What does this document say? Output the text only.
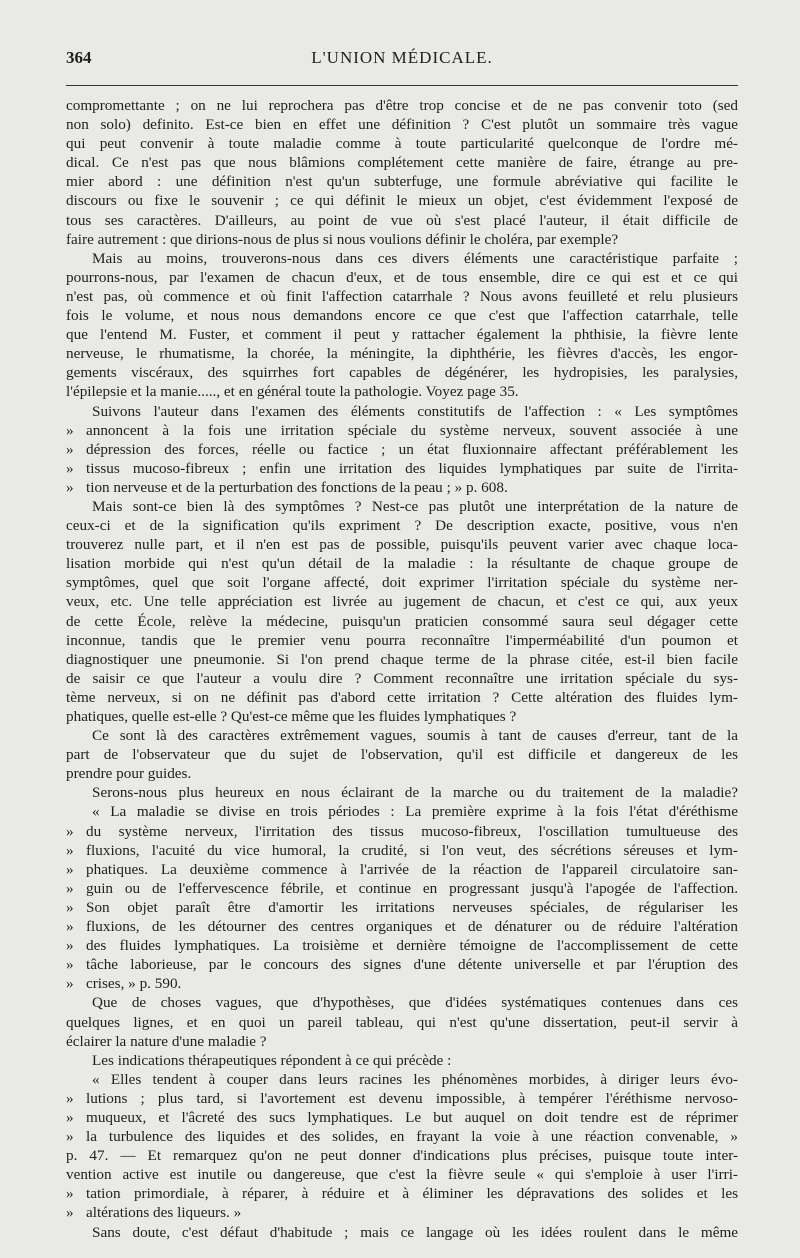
364	L'UNION MÉDICALE.
compromettante ; on ne lui reprochera pas d'être trop concise et de ne pas convenir toto (sed
non solo) definito. Est-ce bien en effet une définition ? C'est plutôt un sommaire très vague
qui peut convenir à toute maladie comme à toute particularité quelconque de l'ordre mé-
dical. Ce n'est pas que nous blâmions complétement cette manière de faire, étrange au pre-
mier abord : une définition n'est qu'un subterfuge, une formule abréviative qui facilite le
discours ou fixe le souvenir ; ce qui définit le mieux un objet, c'est évidemment l'exposé de
tous ses caractères. D'ailleurs, au point de vue où s'est placé l'auteur, il était difficile de
faire autrement : que dirions-nous de plus si nous voulions définir le choléra, par exemple?
Mais au moins, trouverons-nous dans ces divers éléments une caractéristique parfaite ;
pourrons-nous, par l'examen de chacun d'eux, et de tous ensemble, dire ce qui est et ce qui
n'est pas, où commence et où finit l'affection catarrhale ? Nous avons feuilleté et relu plusieurs
fois le volume, et nous nous demandons encore ce que c'est que l'affection catarrhale, telle
que l'entend M. Fuster, et comment il peut y rattacher également la phthisie, la fièvre lente
nerveuse, le rhumatisme, la chorée, la méningite, la diphthérie, les fièvres d'accès, les engor-
gements viscéraux, des squirrhes fort capables de dégénérer, les hydropisies, les paralysies,
l'épilepsie et la manie....., et en général toute la pathologie. Voyez page 35.
Suivons l'auteur dans l'examen des éléments constitutifs de l'affection : « Les symptômes
» annoncent à la fois une irritation spéciale du système nerveux, souvent associée à une
» dépression des forces, réelle ou factice ; un état fluxionnaire affectant préférablement les
» tissus mucoso-fibreux ; enfin une irritation des liquides lymphatiques par suite de l'irrita-
» tion nerveuse et de la perturbation des fonctions de la peau ; » p. 608.
Mais sont-ce bien là des symptômes ? Nest-ce pas plutôt une interprétation de la nature de
ceux-ci et de la signification qu'ils expriment ? De description exacte, positive, vous n'en
trouverez nulle part, et il n'en est pas de possible, puisqu'ils peuvent varier avec chaque loca-
lisation morbide qui n'est qu'un détail de la maladie : la résultante de chaque groupe de
symptômes, quel que soit l'organe affecté, doit exprimer l'irritation spéciale du système ner-
veux, etc. Une telle appréciation est livrée au jugement de chacun, et c'est ce qui, aux yeux
de cette École, relève la médecine, puisqu'un praticien consommé saura seul dégager cette
inconnue, tandis que le premier venu pourra reconnaître l'imperméabilité d'un poumon et
diagnostiquer une pneumonie. Si l'on prend chaque terme de la phrase citée, est-il bien facile
de saisir ce que l'auteur a voulu dire ? Comment reconnaître une irritation spéciale du sys-
tème nerveux, si on ne définit pas d'abord cette irritation ? Cette altération des fluides lym-
phatiques, quelle est-elle ? Qu'est-ce même que les fluides lymphatiques ?
Ce sont là des caractères extrêmement vagues, soumis à tant de causes d'erreur, tant de la
part de l'observateur que du sujet de l'observation, qu'il est difficile et dangereux de les
prendre pour guides.
Serons-nous plus heureux en nous éclairant de la marche ou du traitement de la maladie?
« La maladie se divise en trois périodes : La première exprime à la fois l'état d'éréthisme
» du système nerveux, l'irritation des tissus mucoso-fibreux, l'oscillation tumultueuse des
» fluxions, l'acuité du vice humoral, la crudité, si l'on veut, des sécrétions séreuses et lym-
» phatiques. La deuxième commence à l'arrivée de la réaction de l'appareil circulatoire san-
» guin ou de l'effervescence fébrile, et continue en progressant jusqu'à l'apogée de l'affection.
» Son objet paraît être d'amortir les irritations nerveuses spéciales, de régulariser les
» fluxions, de les détourner des centres organiques et de dénaturer ou de réduire l'altération
» des fluides lymphatiques. La troisième et dernière témoigne de l'accomplissement de cette
» tâche laborieuse, par le concours des signes d'une détente universelle et par l'éruption des
» crises, » p. 590.
Que de choses vagues, que d'hypothèses, que d'idées systématiques contenues dans ces
quelques lignes, et en quoi un pareil tableau, qui n'est qu'une dissertation, peut-il servir à
éclairer la nature d'une maladie ?
Les indications thérapeutiques répondent à ce qui précède :
« Elles tendent à couper dans leurs racines les phénomènes morbides, à diriger leurs évo-
» lutions ; plus tard, si l'avortement est devenu impossible, à tempérer l'éréthisme nervoso-
» muqueux, et l'âcreté des sucs lymphatiques. Le but auquel on doit tendre est de réprimer
» la turbulence des liquides et des solides, en frayant la voie à une réaction convenable, »
p. 47. — Et remarquez qu'on ne peut donner d'indications plus précises, puisque toute inter-
vention active est inutile ou dangereuse, que c'est la fièvre seule « qui s'emploie à user l'irri-
» tation primordiale, à réparer, à réduire et à éliminer les dépravations des solides et les
» altérations des liqueurs. »
Sans doute, c'est défaut d'habitude ; mais ce langage où les idées roulent dans le même
